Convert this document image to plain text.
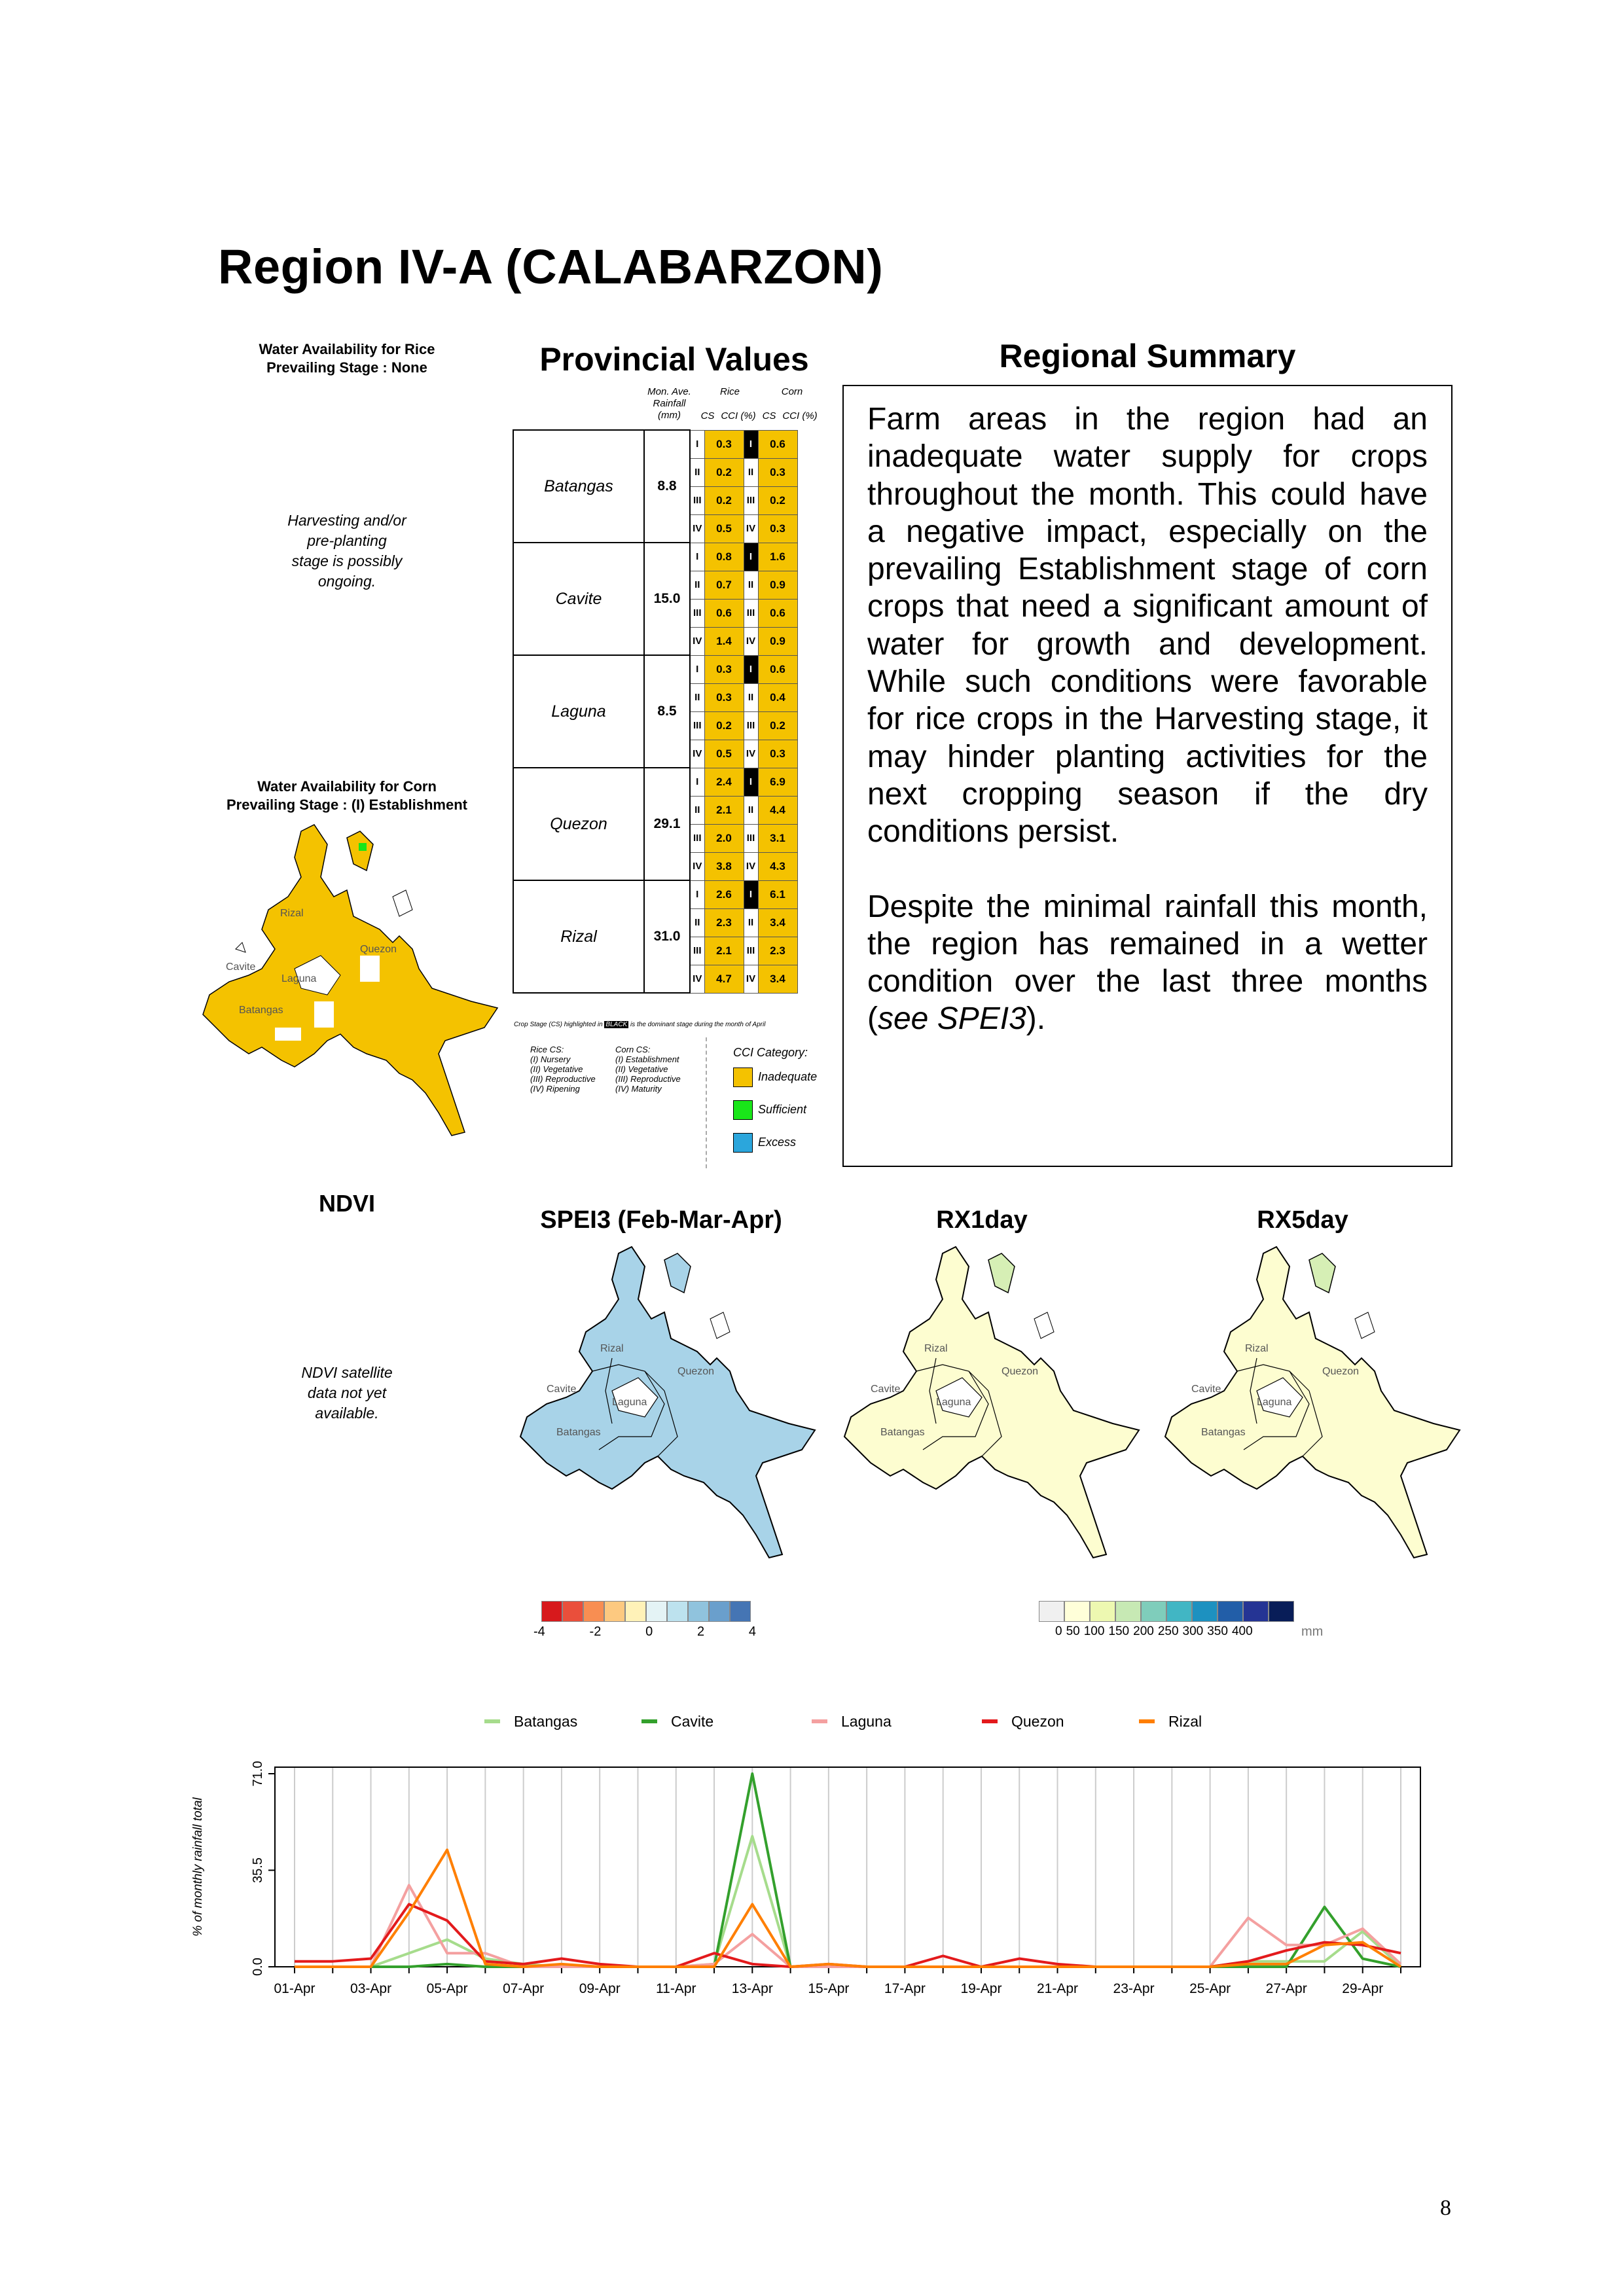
Region IV-A (CALABARZON)
Water Availability for Rice
Prevailing Stage : None
Harvesting and/or
pre-planting
stage is possibly
ongoing.
Water Availability for Corn
Prevailing Stage : (I) Establishment
Rizal
Quezon
Cavite
Laguna
Batangas
Provincial Values
Mon. Ave.
Rainfall
(mm)
Rice	Corn
CS CCI (%) CS CCI (%)
Batangas	8.8	I	0.3	I	0.6
		II	0.2	II	0.3
		III	0.2	III	0.2
		IV	0.5	IV	0.3
Cavite	15.0	I	0.8	I	1.6
		II	0.7	II	0.9
		III	0.6	III	0.6
		IV	1.4	IV	0.9
Laguna	8.5	I	0.3	I	0.6
		II	0.3	II	0.4
		III	0.2	III	0.2
		IV	0.5	IV	0.3
Quezon	29.1	I	2.4	I	6.9
		II	2.1	II	4.4
		III	2.0	III	3.1
		IV	3.8	IV	4.3
Rizal	31.0	I	2.6	I	6.1
		II	2.3	II	3.4
		III	2.1	III	2.3
		IV	4.7	IV	3.4
Crop Stage (CS) highlighted in BLACK is the dominant stage during the month of April
Rice CS:
(I) Nursery
(II) Vegetative
(III) Reproductive
(IV) Ripening
Corn CS:
(I) Establishment
(II) Vegetative
(III) Reproductive
(IV) Maturity
CCI Category:
Inadequate
Sufficient
Excess
Regional Summary

Farm areas in the region had an inadequate water supply for crops throughout the month. This could have a negative impact, especially on the prevailing Establishment stage of corn crops that need a significant amount of water for growth and development. While such conditions were favorable for rice crops in the Harvesting stage, it may hinder planting activities for the next cropping season if the dry conditions persist.

Despite the minimal rainfall this month, the region has remained in a wetter condition over the last three months (see SPEI3).

NDVI
NDVI satellite
data not yet
available.
SPEI3 (Feb-Mar-Apr)	RX1day	RX5day
Rizal
Quezon
Cavite
Laguna
Batangas
Rizal
Quezon
Cavite
Laguna
Batangas
Rizal
Quezon
Cavite
Laguna
Batangas
-4	-2	0	2	4	0 50 100 150 200 250 300 350 400	mm
0.0
35.5
71.0
% of monthly rainfall total
01-Apr	03-Apr	05-Apr	07-Apr	09-Apr	11-Apr	13-Apr	15-Apr	17-Apr	19-Apr	21-Apr	23-Apr	25-Apr	27-Apr	29-Apr
Batangas	Cavite	Laguna	Quezon	Rizal
8
